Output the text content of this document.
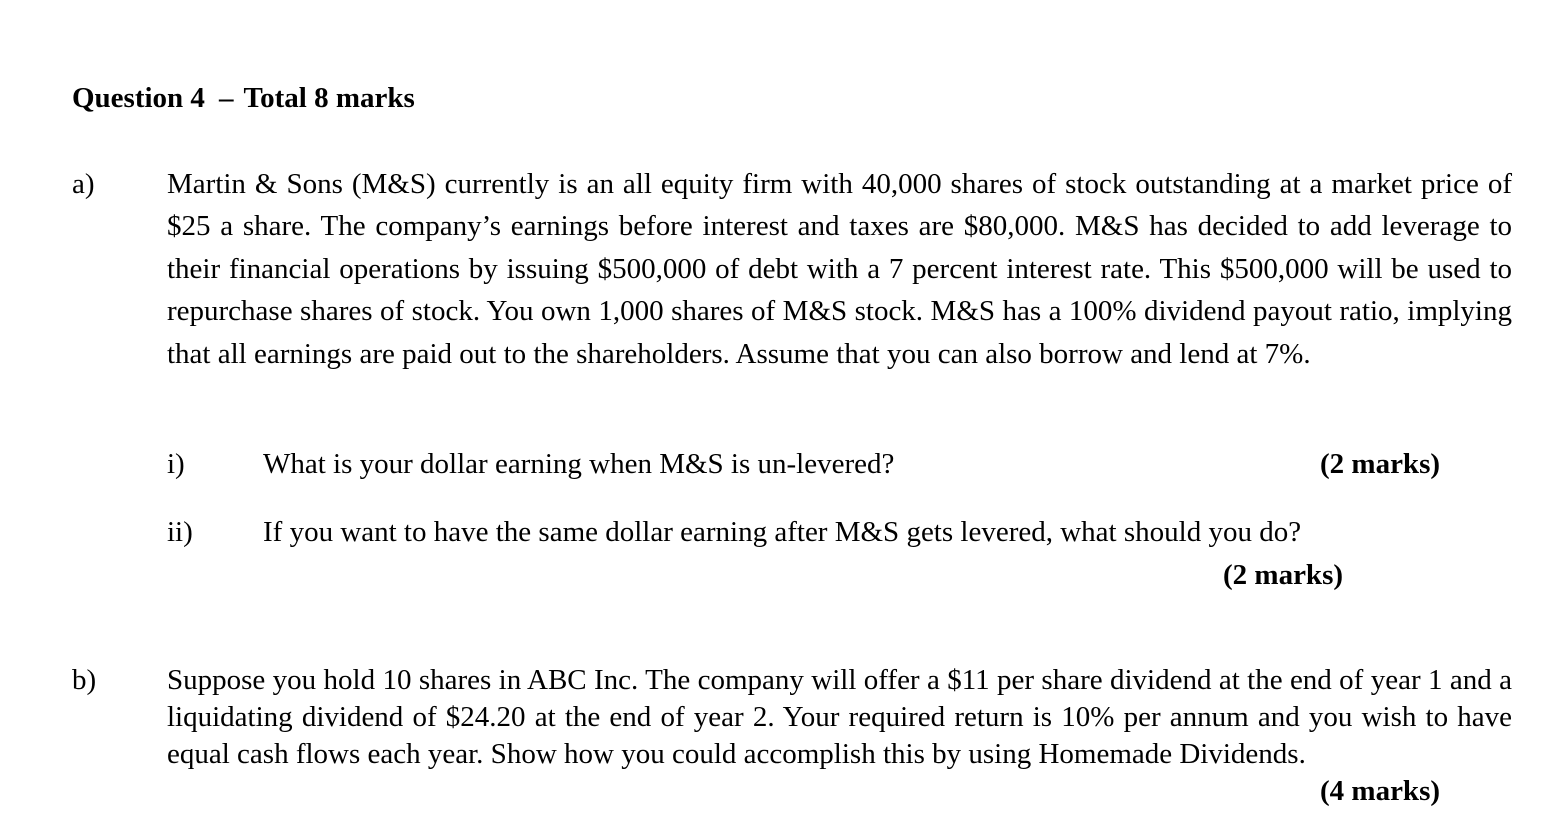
Question 4 – Total 8 marks
a) Martin & Sons (M&S) currently is an all equity firm with 40,000 shares of stock outstanding at a market price of $25 a share. The company’s earnings before interest and taxes are $80,000. M&S has decided to add leverage to their financial operations by issuing $500,000 of debt with a 7 percent interest rate. This $500,000 will be used to repurchase shares of stock. You own 1,000 shares of M&S stock. M&S has a 100% dividend payout ratio, implying that all earnings are paid out to the shareholders. Assume that you can also borrow and lend at 7%.
i)	What is your dollar earning when M&S is un-levered?	(2 marks)
ii) If you want to have the same dollar earning after M&S gets levered, what should you do?
(2 marks)
b) Suppose you hold 10 shares in ABC Inc. The company will offer a $11 per share dividend at the end of year 1 and a liquidating dividend of $24.20 at the end of year 2. Your required return is 10% per annum and you wish to have equal cash flows each year. Show how you could accomplish this by using Homemade Dividends.
(4 marks)
